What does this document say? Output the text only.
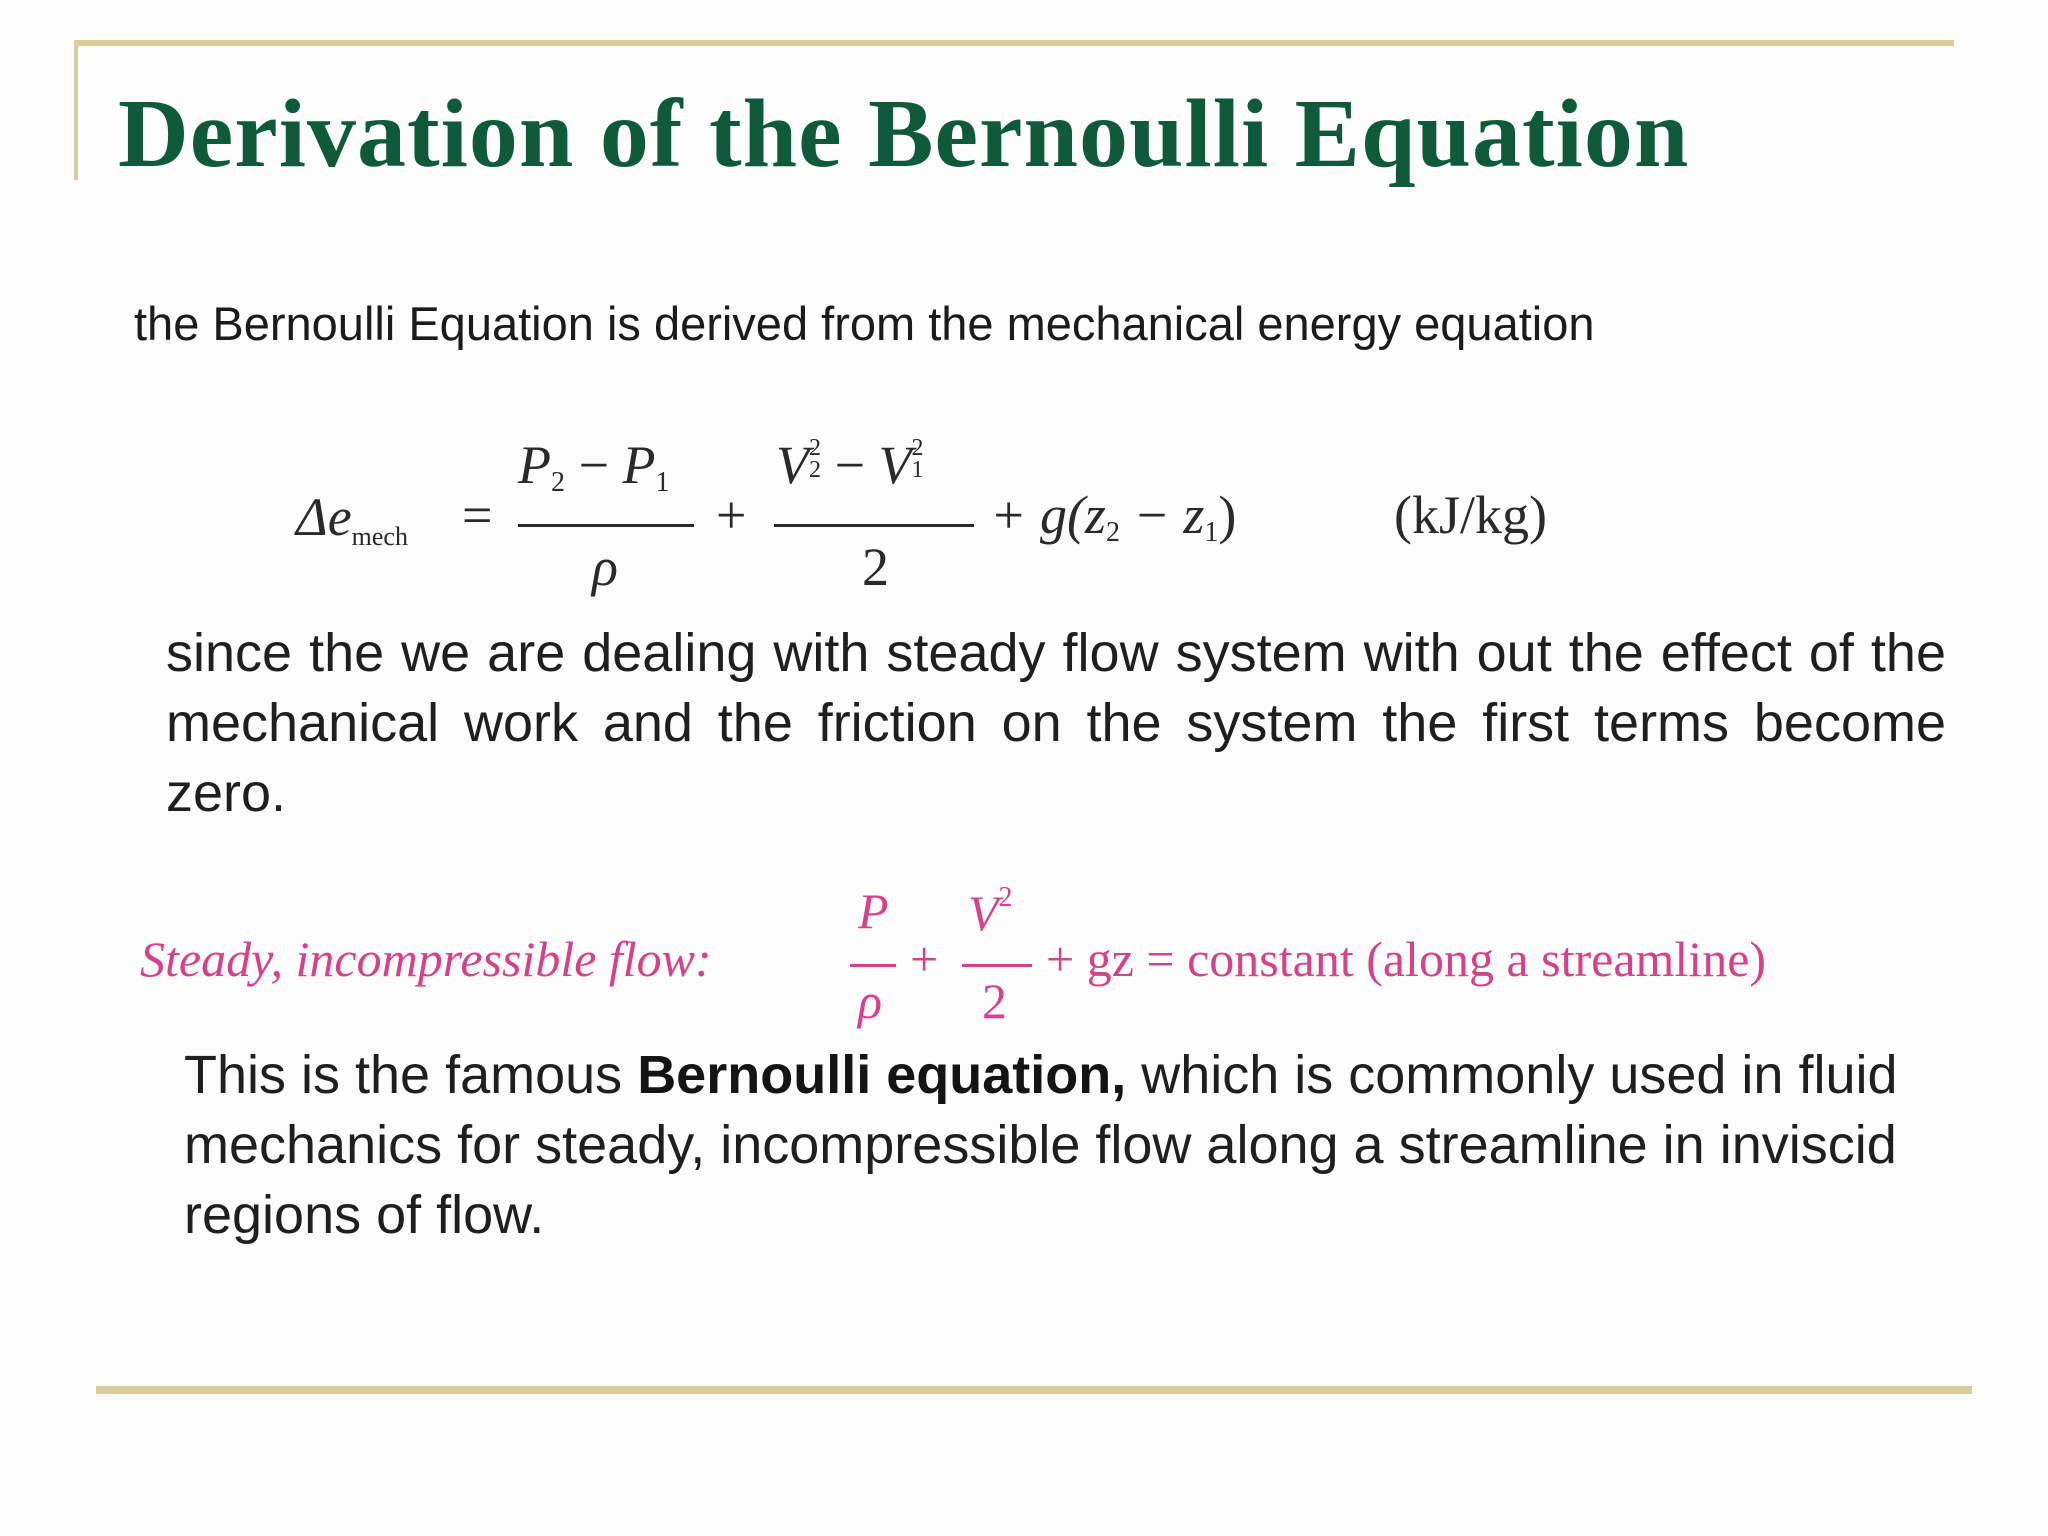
Derivation of the Bernoulli Equation
the Bernoulli Equation is derived from the mechanical energy equation
Δemech =
$P_2 - P_1$
ρ
+
V2
2 − V2
1
2
+ $g(z_2 - z_1)$	(kJ/kg)
since the we are dealing with steady flow system with out the effect of the mechanical work and the friction on the system the first terms become zero.
Steady, incompressible flow:
P
ρ
+
$V^2$
2
+ gz = constant (along a streamline)
This is the famous Bernoulli equation, which is commonly used in fluid mechanics for steady, incompressible flow along a streamline in inviscid regions of flow.
